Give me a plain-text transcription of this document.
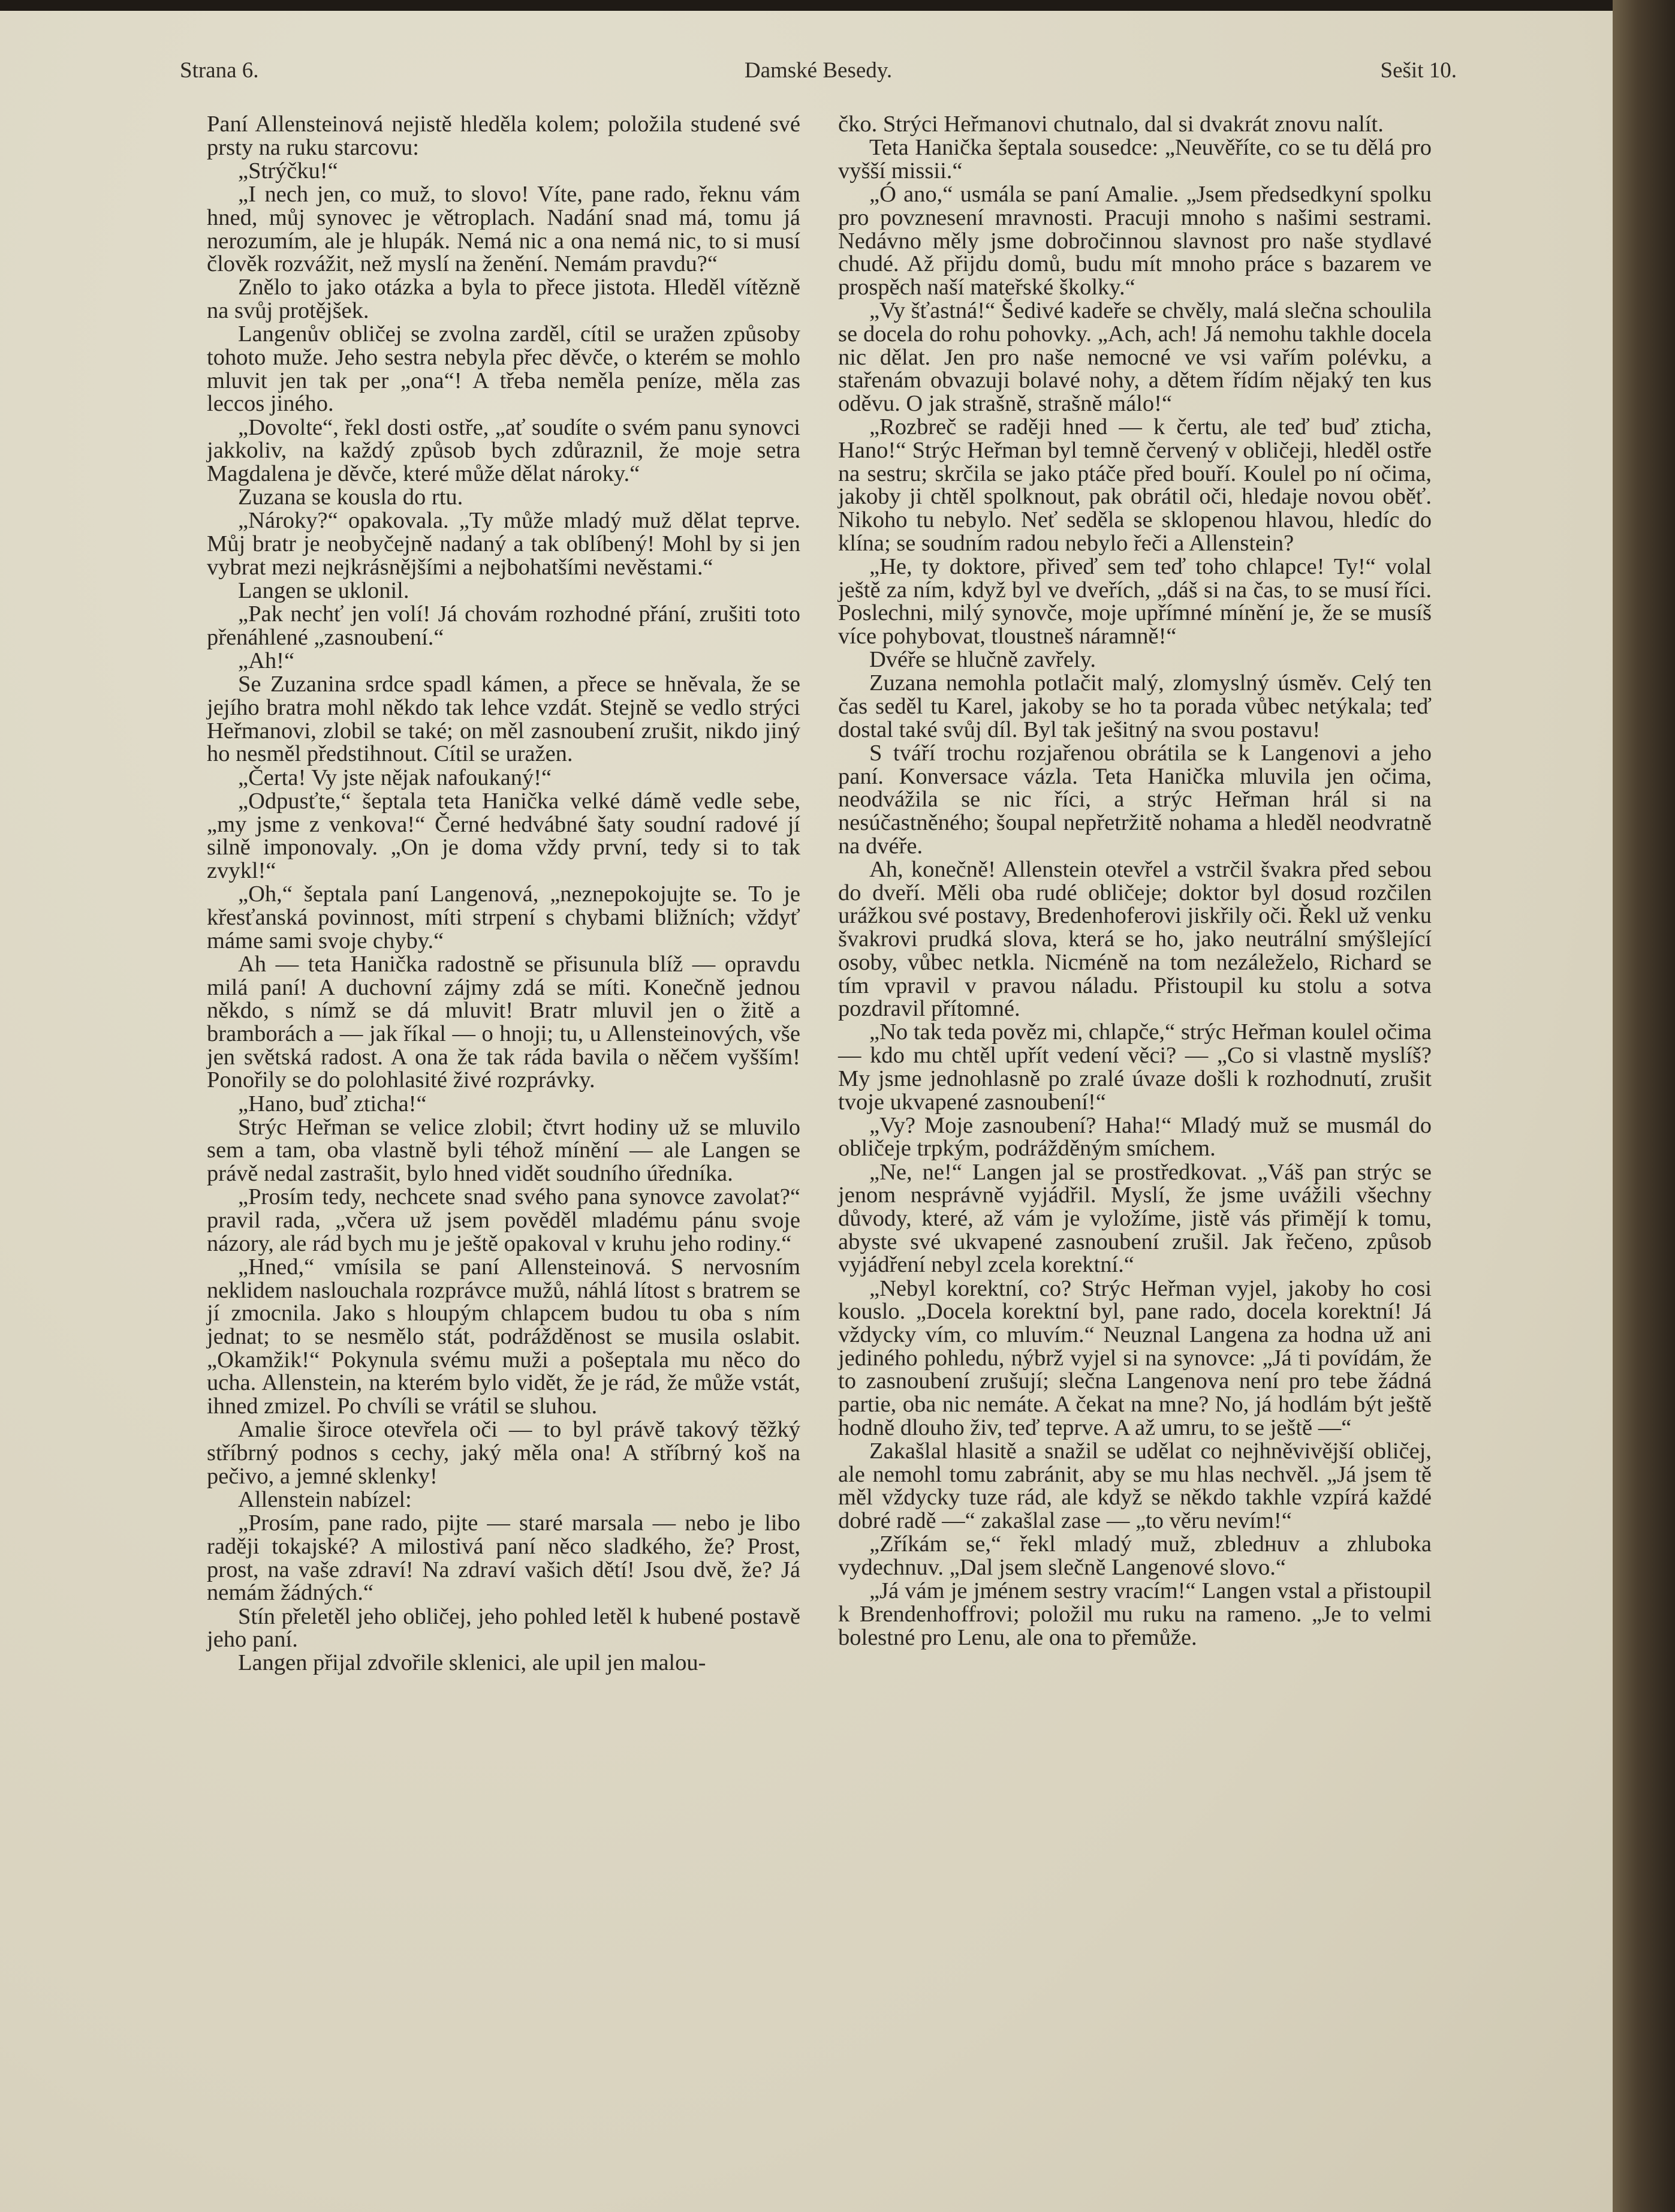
Strana 6.	Damské Besedy.	Sešit 10.

Paní Allensteinová nejistě hleděla kolem; položila studené své prsty na ruku starcovu:

„Strýčku!“

„I nech jen, co muž, to slovo! Víte, pane rado, řeknu vám hned, můj synovec je větroplach. Nadání snad má, tomu já nerozumím, ale je hlupák. Nemá nic a ona nemá nic, to si musí člověk rozvážit, než myslí na ženění. Nemám pravdu?“

Znělo to jako otázka a byla to přece jistota. Hleděl vítězně na svůj protějšek.

Langenův obličej se zvolna zarděl, cítil se uražen způsoby tohoto muže. Jeho sestra nebyla přec děvče, o kterém se mohlo mluvit jen tak per „ona“! A třeba neměla peníze, měla zas leccos jiného.

„Dovolte“, řekl dosti ostře, „ať soudíte o svém panu synovci jakkoliv, na každý způsob bych zdůraznil, že moje setra Magdalena je děvče, které může dělat nároky.“

Zuzana se kousla do rtu.

„Nároky?“ opakovala. „Ty může mladý muž dělat teprve. Můj bratr je neobyčejně nadaný a tak oblíbený! Mohl by si jen vybrat mezi nejkrásnějšími a nejbohatšími nevěstami.“

Langen se uklonil.

„Pak nechť jen volí! Já chovám rozhodné přání, zrušiti toto přenáhlené „zasnoubení.“

„Ah!“

Se Zuzanina srdce spadl kámen, a přece se hněvala, že se jejího bratra mohl někdo tak lehce vzdát. Stejně se vedlo strýci Heřmanovi, zlobil se také; on měl zasnoubení zrušit, nikdo jiný ho nesměl předstihnout. Cítil se uražen.

„Čerta! Vy jste nějak nafoukaný!“

„Odpusťte,“ šeptala teta Hanička velké dámě vedle sebe, „my jsme z venkova!“ Černé hedvábné šaty soudní radové jí silně imponovaly. „On je doma vždy první, tedy si to tak zvykl!“

„Oh,“ šeptala paní Langenová, „neznepokojujte se. To je křesťanská povinnost, míti strpení s chybami bližních; vždyť máme sami svoje chyby.“

Ah — teta Hanička radostně se přisunula blíž — opravdu milá paní! A duchovní zájmy zdá se míti. Konečně jednou někdo, s nímž se dá mluvit! Bratr mluvil jen o žitě a bramborách a — jak říkal — o hnoji; tu, u Allensteinových, vše jen světská radost. A ona že tak ráda bavila o něčem vyšším! Ponořily se do polohlasité živé rozprávky.

„Hano, buď zticha!“

Strýc Heřman se velice zlobil; čtvrt hodiny už se mluvilo sem a tam, oba vlastně byli téhož mínění — ale Langen se právě nedal zastrašit, bylo hned vidět soudního úředníka.

„Prosím tedy, nechcete snad svého pana synovce zavolat?“ pravil rada, „včera už jsem pověděl mladému pánu svoje názory, ale rád bych mu je ještě opakoval v kruhu jeho rodiny.“

„Hned,“ vmísila se paní Allensteinová. S nervosním neklidem naslouchala rozprávce mužů, náhlá lítost s bratrem se jí zmocnila. Jako s hloupým chlapcem budou tu oba s ním jednat; to se nesmělo stát, podrážděnost se musila oslabit. „Okamžik!“ Pokynula svému muži a pošeptala mu něco do ucha. Allenstein, na kterém bylo vidět, že je rád, že může vstát, ihned zmizel. Po chvíli se vrátil se sluhou.

Amalie široce otevřela oči — to byl právě takový těžký stříbrný podnos s cechy, jaký měla ona! A stříbrný koš na pečivo, a jemné sklenky!

Allenstein nabízel:

„Prosím, pane rado, pijte — staré marsala — nebo je libo raději tokajské? A milostivá paní něco sladkého, že? Prost, prost, na vaše zdraví! Na zdraví vašich dětí! Jsou dvě, že? Já nemám žádných.“

Stín přeletěl jeho obličej, jeho pohled letěl k hubené postavě jeho paní.

Langen přijal zdvořile sklenici, ale upil jen malou-

čko. Strýci Heřmanovi chutnalo, dal si dvakrát znovu nalít.

Teta Hanička šeptala sousedce: „Neuvěříte, co se tu dělá pro vyšší missii.“

„Ó ano,“ usmála se paní Amalie. „Jsem předsedkyní spolku pro povznesení mravnosti. Pracuji mnoho s našimi sestrami. Nedávno měly jsme dobročinnou slavnost pro naše stydlavé chudé. Až přijdu domů, budu mít mnoho práce s bazarem ve prospěch naší mateřské školky.“

„Vy šťastná!“ Šedivé kadeře se chvěly, malá slečna schoulila se docela do rohu pohovky. „Ach, ach! Já nemohu takhle docela nic dělat. Jen pro naše nemocné ve vsi vařím polévku, a stařenám obvazuji bolavé nohy, a dětem řídím nějaký ten kus oděvu. O jak strašně, strašně málo!“

„Rozbreč se raději hned — k čertu, ale teď buď zticha, Hano!“ Strýc Heřman byl temně červený v obličeji, hleděl ostře na sestru; skrčila se jako ptáče před bouří. Koulel po ní očima, jakoby ji chtěl spolknout, pak obrátil oči, hledaje novou oběť. Nikoho tu nebylo. Neť seděla se sklopenou hlavou, hledíc do klína; se soudním radou nebylo řeči a Allenstein?

„He, ty doktore, přiveď sem teď toho chlapce! Ty!“ volal ještě za ním, když byl ve dveřích, „dáš si na čas, to se musí říci. Poslechni, milý synovče, moje upřímné mínění je, že se musíš více pohybovat, tloustneš náramně!“

Dvéře se hlučně zavřely.

Zuzana nemohla potlačit malý, zlomyslný úsměv. Celý ten čas seděl tu Karel, jakoby se ho ta porada vůbec netýkala; teď dostal také svůj díl. Byl tak ješitný na svou postavu!

S tváří trochu rozjařenou obrátila se k Langenovi a jeho paní. Konversace vázla. Teta Hanička mluvila jen očima, neodvážila se nic říci, a strýc Heřman hrál si na nesúčastněného; šoupal nepřetržitě nohama a hleděl neodvratně na dvéře.

Ah, konečně! Allenstein otevřel a vstrčil švakra před sebou do dveří. Měli oba rudé obličeje; doktor byl dosud rozčilen urážkou své postavy, Bredenhoferovi jiskřily oči. Řekl už venku švakrovi prudká slova, která se ho, jako neutrální smýšlející osoby, vůbec netkla. Nicméně na tom nezáleželo, Richard se tím vpravil v pravou náladu. Přistoupil ku stolu a sotva pozdravil přítomné.

„No tak teda pověz mi, chlapče,“ strýc Heřman koulel očima — kdo mu chtěl upřít vedení věci? — „Co si vlastně myslíš? My jsme jednohlasně po zralé úvaze došli k rozhodnutí, zrušit tvoje ukvapené zasnoubení!“

„Vy? Moje zasnoubení? Haha!“ Mladý muž se musmál do obličeje trpkým, podrážděným smíchem.

„Ne, ne!“ Langen jal se prostředkovat. „Váš pan strýc se jenom nesprávně vyjádřil. Myslí, že jsme uvážili všechny důvody, které, až vám je vyložíme, jistě vás přimějí k tomu, abyste své ukvapené zasnoubení zrušil. Jak řečeno, způsob vyjádření nebyl zcela korektní.“

„Nebyl korektní, co? Strýc Heřman vyjel, jakoby ho cosi kouslo. „Docela korektní byl, pane rado, docela korektní! Já vždycky vím, co mluvím.“ Neuznal Langena za hodna už ani jediného pohledu, nýbrž vyjel si na synovce: „Já ti povídám, že to zasnoubení zrušují; slečna Langenova není pro tebe žádná partie, oba nic nemáte. A čekat na mne? No, já hodlám být ještě hodně dlouho živ, teď teprve. A až umru, to se ještě —“

Zakašlal hlasitě a snažil se udělat co nejhněvivější obličej, ale nemohl tomu zabránit, aby se mu hlas nechvěl. „Já jsem tě měl vždycky tuze rád, ale když se někdo takhle vzpírá každé dobré radě —“ zakašlal zase — „to věru nevím!“

„Zříkám se,“ řekl mladý muž, zbledнuv a zhluboka vydechnuv. „Dal jsem slečně Langenové slovo.“

„Já vám je jménem sestry vracím!“ Langen vstal a přistoupil k Brendenhoffrovi; položil mu ruku na rameno. „Je to velmi bolestné pro Lenu, ale ona to přemůže.
